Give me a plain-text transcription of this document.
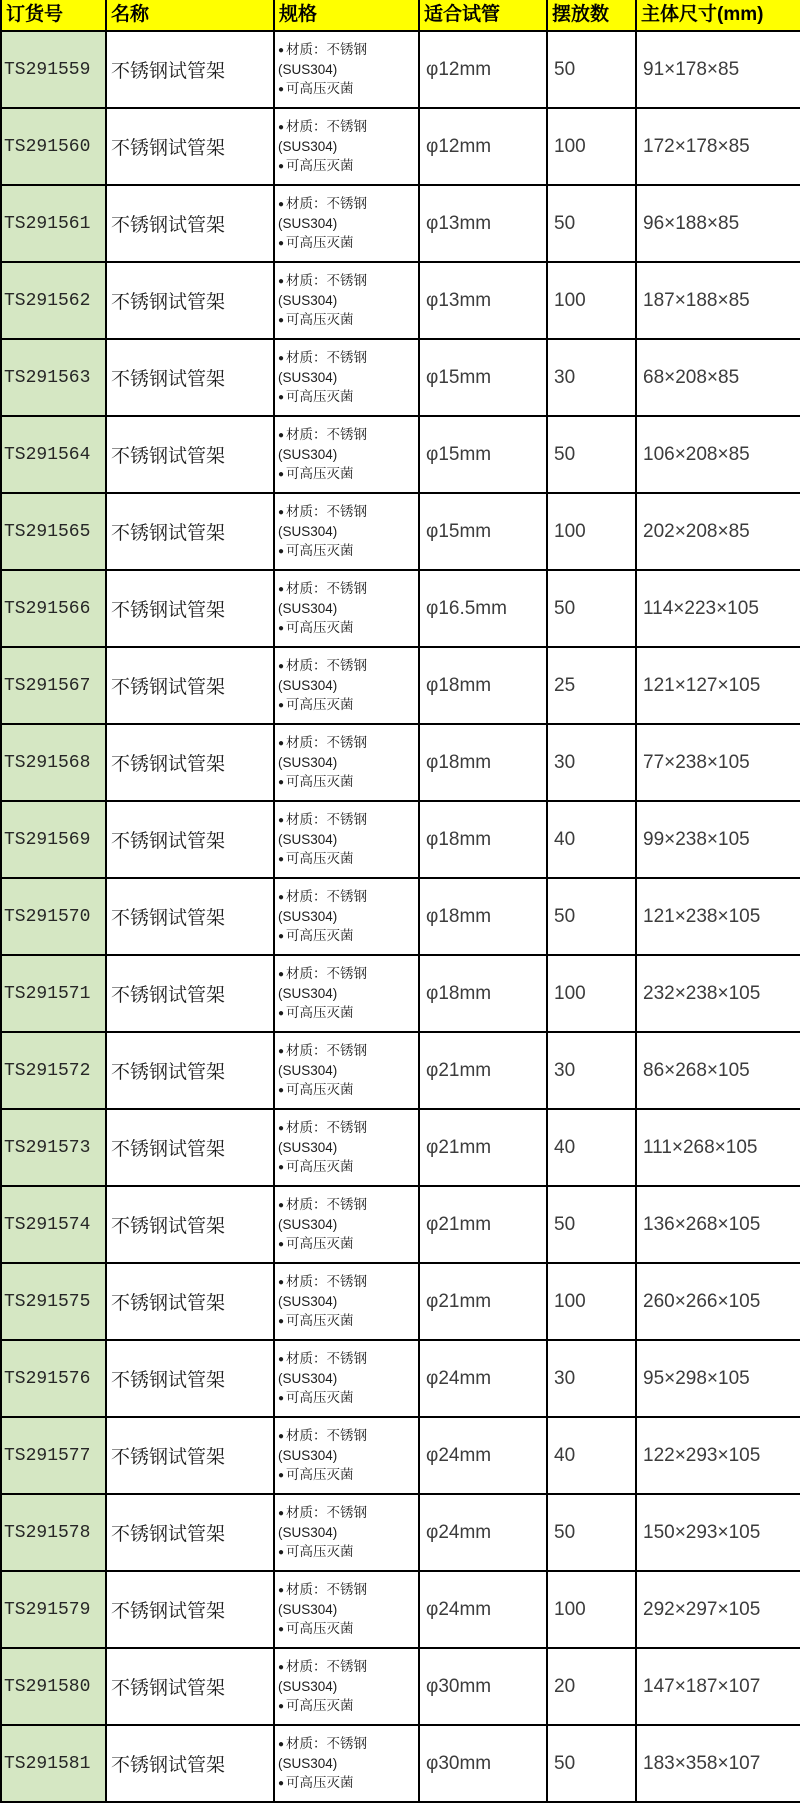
订货号	名称	规格	适合试管	摆放数	主体尺寸(mm)
TS291559	不锈钢试管架	● 材质：不锈钢
(SUS304)
● 可高压灭菌	φ12mm	50	91×178×85
TS291560	不锈钢试管架	● 材质：不锈钢
(SUS304)
● 可高压灭菌	φ12mm	100	172×178×85
TS291561	不锈钢试管架	● 材质：不锈钢
(SUS304)
● 可高压灭菌	φ13mm	50	96×188×85
TS291562	不锈钢试管架	● 材质：不锈钢
(SUS304)
● 可高压灭菌	φ13mm	100	187×188×85
TS291563	不锈钢试管架	● 材质：不锈钢
(SUS304)
● 可高压灭菌	φ15mm	30	68×208×85
TS291564	不锈钢试管架	● 材质：不锈钢
(SUS304)
● 可高压灭菌	φ15mm	50	106×208×85
TS291565	不锈钢试管架	● 材质：不锈钢
(SUS304)
● 可高压灭菌	φ15mm	100	202×208×85
TS291566	不锈钢试管架	● 材质：不锈钢
(SUS304)
● 可高压灭菌	φ16.5mm	50	114×223×105
TS291567	不锈钢试管架	● 材质：不锈钢
(SUS304)
● 可高压灭菌	φ18mm	25	121×127×105
TS291568	不锈钢试管架	● 材质：不锈钢
(SUS304)
● 可高压灭菌	φ18mm	30	77×238×105
TS291569	不锈钢试管架	● 材质：不锈钢
(SUS304)
● 可高压灭菌	φ18mm	40	99×238×105
TS291570	不锈钢试管架	● 材质：不锈钢
(SUS304)
● 可高压灭菌	φ18mm	50	121×238×105
TS291571	不锈钢试管架	● 材质：不锈钢
(SUS304)
● 可高压灭菌	φ18mm	100	232×238×105
TS291572	不锈钢试管架	● 材质：不锈钢
(SUS304)
● 可高压灭菌	φ21mm	30	86×268×105
TS291573	不锈钢试管架	● 材质：不锈钢
(SUS304)
● 可高压灭菌	φ21mm	40	111×268×105
TS291574	不锈钢试管架	● 材质：不锈钢
(SUS304)
● 可高压灭菌	φ21mm	50	136×268×105
TS291575	不锈钢试管架	● 材质：不锈钢
(SUS304)
● 可高压灭菌	φ21mm	100	260×266×105
TS291576	不锈钢试管架	● 材质：不锈钢
(SUS304)
● 可高压灭菌	φ24mm	30	95×298×105
TS291577	不锈钢试管架	● 材质：不锈钢
(SUS304)
● 可高压灭菌	φ24mm	40	122×293×105
TS291578	不锈钢试管架	● 材质：不锈钢
(SUS304)
● 可高压灭菌	φ24mm	50	150×293×105
TS291579	不锈钢试管架	● 材质：不锈钢
(SUS304)
● 可高压灭菌	φ24mm	100	292×297×105
TS291580	不锈钢试管架	● 材质：不锈钢
(SUS304)
● 可高压灭菌	φ30mm	20	147×187×107
TS291581	不锈钢试管架	● 材质：不锈钢
(SUS304)
● 可高压灭菌	φ30mm	50	183×358×107
